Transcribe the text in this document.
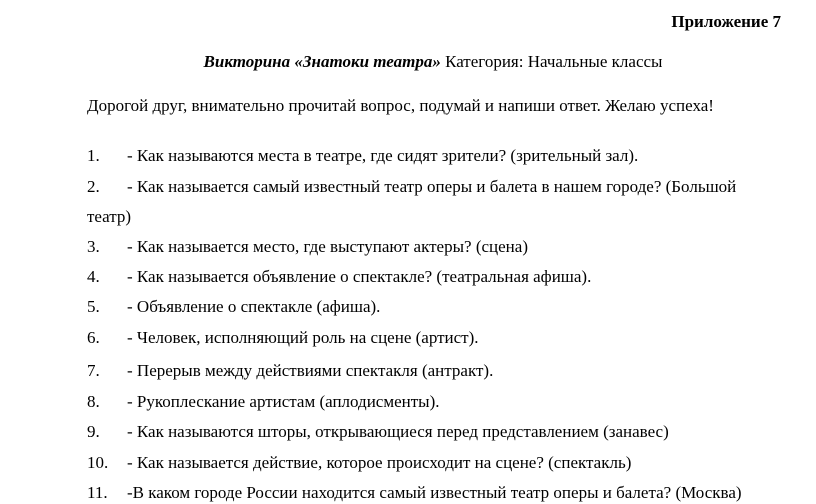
Приложение 7
Викторина «Знатоки театра» Категория: Начальные классы
Дорогой друг, внимательно прочитай вопрос, подумай и напиши ответ. Желаю успеха!
1. - Как называются места в театре, где сидят зрители? (зрительный зал).
2. - Как называется самый известный театр оперы и балета в нашем городе? (Большой
театр)
3. - Как называется место, где выступают актеры? (сцена)
4. - Как называется объявление о спектакле? (театральная афиша).
5. - Объявление о спектакле (афиша).
6. - Человек, исполняющий роль на сцене (артист).
7. - Перерыв между действиями спектакля (антракт).
8. - Рукоплескание артистам (аплодисменты).
9. - Как называются шторы, открывающиеся перед представлением (занавес)
10. - Как называется действие, которое происходит на сцене? (спектакль)
11. -В каком городе России находится самый известный театр оперы и балета? (Москва)
